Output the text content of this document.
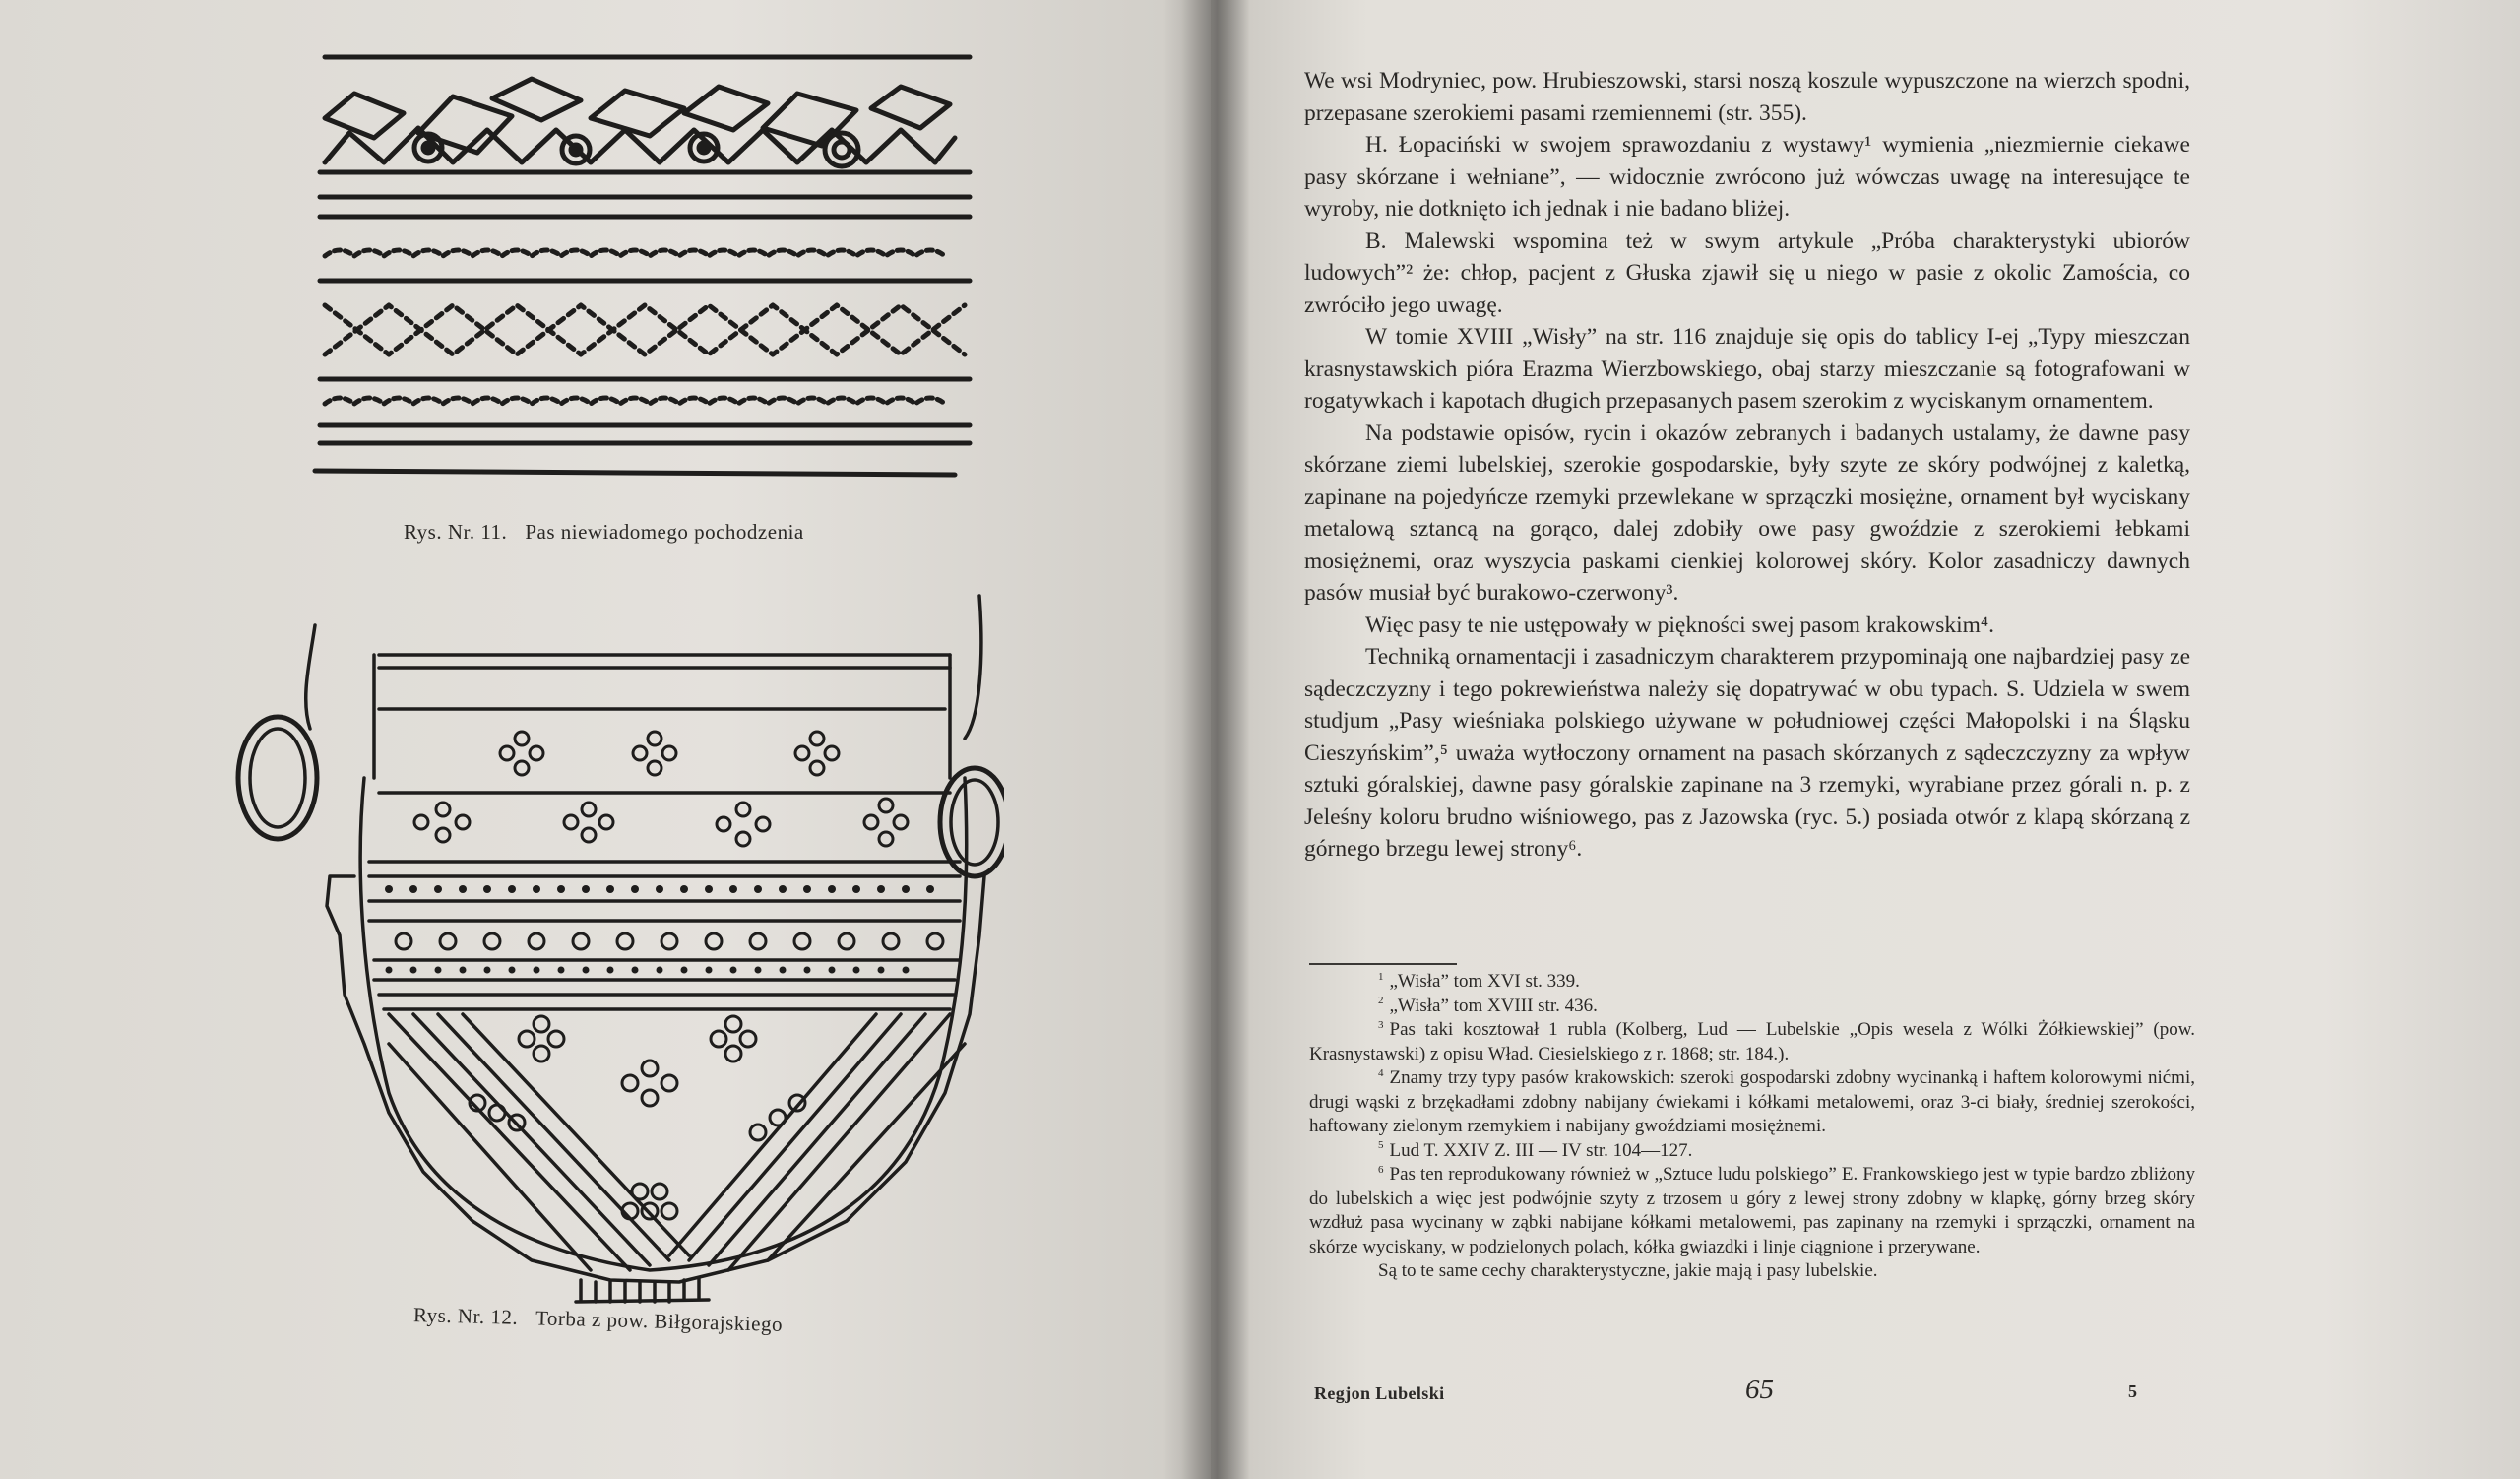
Rys. Nr. 11. Pas niewiadomego pochodzenia
Rys. Nr. 12. Torba z pow. Biłgorajskiego

We wsi Modryniec, pow. Hrubieszowski, starsi noszą koszule wypuszczone na wierzch spodni, przepasane szerokiemi pasami rzemiennemi (str. 355).

H. Łopaciński w swojem sprawozdaniu z wystawy¹ wymienia „niezmiernie ciekawe pasy skórzane i wełniane”, — widocznie zwrócono już wówczas uwagę na interesujące te wyroby, nie dotknięto ich jednak i nie badano bliżej.

B. Malewski wspomina też w swym artykule „Próba charakterystyki ubiorów ludowych”² że: chłop, pacjent z Głuska zjawił się u niego w pasie z okolic Zamościa, co zwróciło jego uwagę.

W tomie XVIII „Wisły” na str. 116 znajduje się opis do tablicy I-ej „Typy mieszczan krasnystawskich pióra Erazma Wierzbowskiego, obaj starzy mieszczanie są fotografowani w rogatywkach i kapotach długich przepasanych pasem szerokim z wyciskanym ornamentem.

Na podstawie opisów, rycin i okazów zebranych i badanych ustalamy, że dawne pasy skórzane ziemi lubelskiej, szerokie gospodarskie, były szyte ze skóry podwójnej z kaletką, zapinane na pojedyńcze rzemyki przewlekane w sprzączki mosiężne, ornament był wyciskany metalową sztancą na gorąco, dalej zdobiły owe pasy gwoździe z szerokiemi łebkami mosiężnemi, oraz wyszycia paskami cienkiej kolorowej skóry. Kolor zasadniczy dawnych pasów musiał być burakowo-czerwony³.

Więc pasy te nie ustępowały w piękności swej pasom krakowskim⁴.

Techniką ornamentacji i zasadniczym charakterem przypominają one najbardziej pasy ze sądeczczyzny i tego pokrewieństwa należy się dopatrywać w obu typach. S. Udziela w swem studjum „Pasy wieśniaka polskiego używane w południowej części Małopolski i na Śląsku Cieszyńskim”,⁵ uważa wytłoczony ornament na pasach skórzanych z sądeczczyzny za wpływ sztuki góralskiej, dawne pasy góralskie zapinane na 3 rzemyki, wyrabiane przez górali n. p. z Jeleśny koloru brudno wiśniowego, pas z Jazowska (ryc. 5.) posiada otwór z klapą skórzaną z górnego brzegu lewej strony⁶.

$^1$ „Wisła” tom XVI st. 339.

$^2$ „Wisła” tom XVIII str. 436.

$^3$ Pas taki kosztował 1 rubla (Kolberg, Lud — Lubelskie „Opis wesela z Wólki Żółkiewskiej” (pow. Krasnystawski) z opisu Wład. Ciesielskiego z r. 1868; str. 184.).

$^4$ Znamy trzy typy pasów krakowskich: szeroki gospodarski zdobny wycinanką i haftem kolorowymi nićmi, drugi wąski z brzękadłami zdobny nabijany ćwiekami i kółkami metalowemi, oraz 3-ci biały, średniej szerokości, haftowany zielonym rzemykiem i nabijany gwoździami mosiężnemi.

$^5$ Lud T. XXIV Z. III — IV str. 104—127.

$^6$ Pas ten reprodukowany również w „Sztuce ludu polskiego” E. Frankowskiego jest w typie bardzo zbliżony do lubelskich a więc jest podwójnie szyty z trzosem u góry z lewej strony zdobny w klapkę, górny brzeg skóry wzdłuż pasa wycinany w ząbki nabijane kółkami metalowemi, pas zapinany na rzemyki i sprzączki, ornament na skórze wyciskany, w podzielonych polach, kółka gwiazdki i linje ciągnione i przerywane.

Są to te same cechy charakterystyczne, jakie mają i pasy lubelskie.

Regjon Lubelski	65	5
